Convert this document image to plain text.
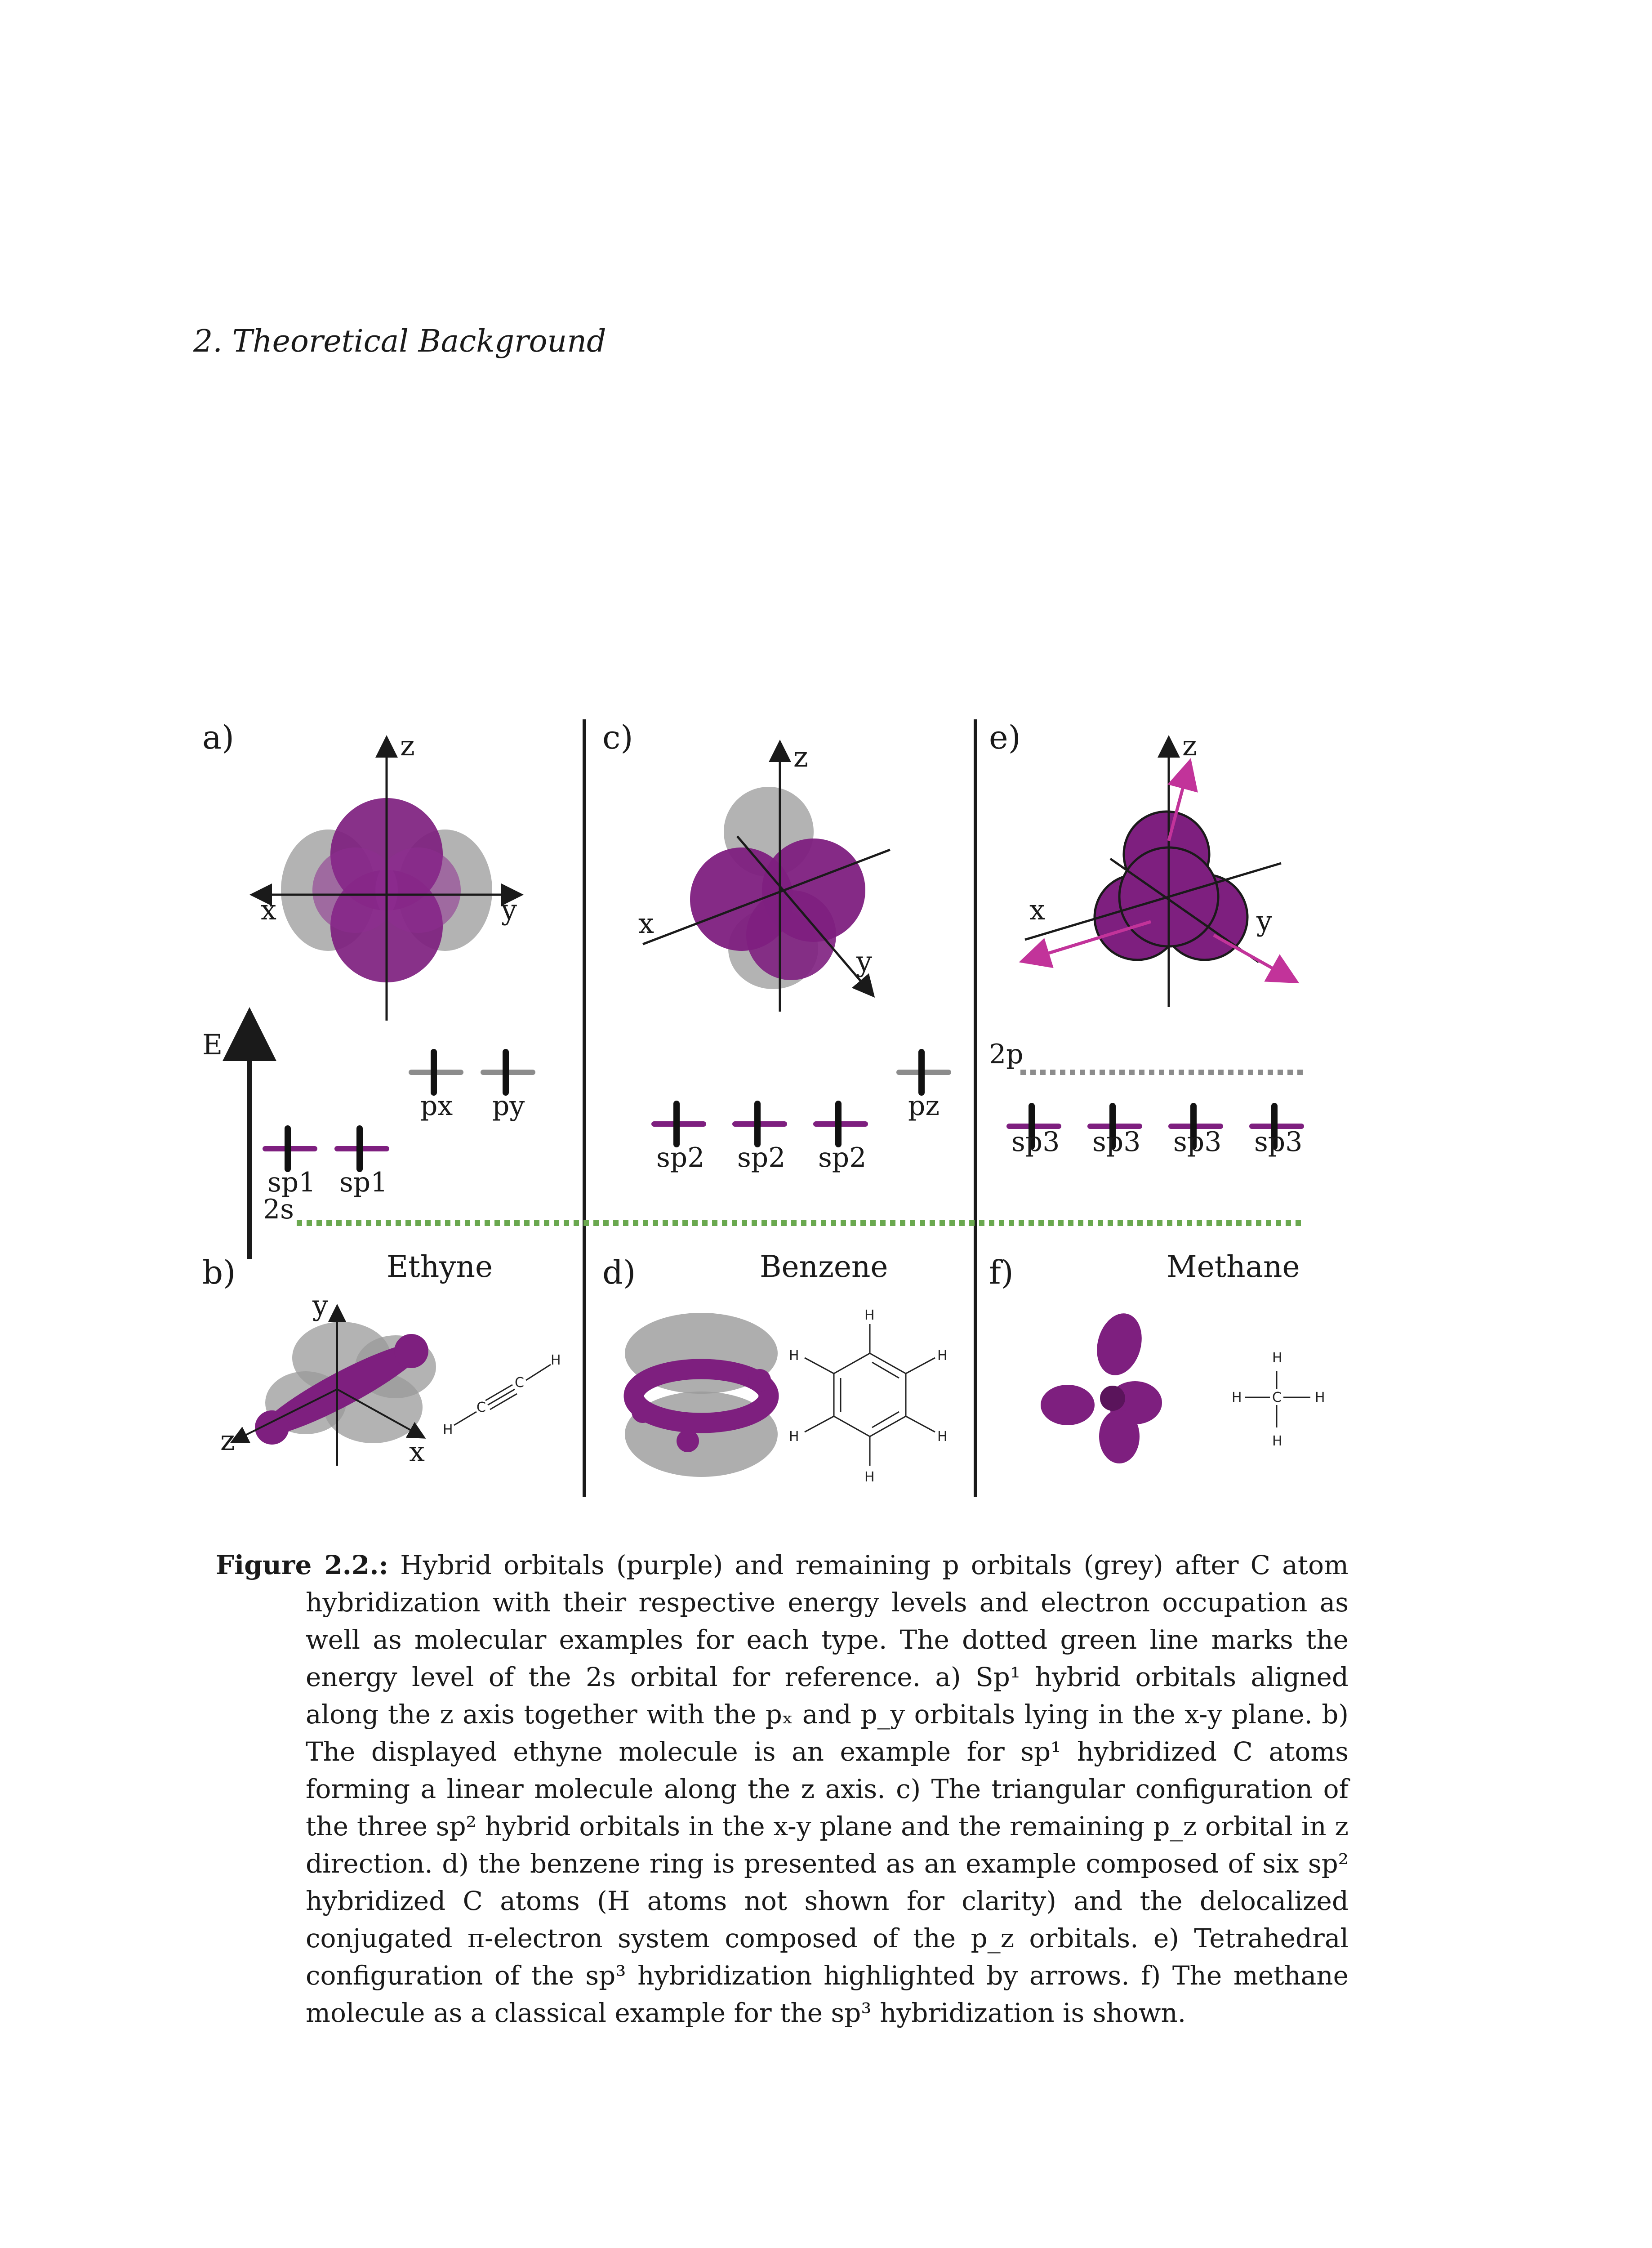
2. Theoretical Background
a)	c)	e)
b)	d)	f)
z
x	y
E
2s
2p
sp1 sp1
px py
z
x
y
sp2 sp2 sp2
pz
z
x	y
sp3 sp3 sp3 sp3
Ethyne
y
z	x
H
C
C
H
Benzene
H
H
H
H
H
H
Methane
H
C
H	H
H

Figure 2.2.: Hybrid orbitals (purple) and remaining p orbitals (grey) after C atom hybridization with their respective energy levels and electron occupation as well as molecular examples for each type. The dotted green line marks the energy level of the 2s orbital for reference. a) Sp¹ hybrid orbitals aligned along the z axis together with the pₓ and p_y orbitals lying in the x-y plane. b) The displayed ethyne molecule is an example for sp¹ hybridized C atoms forming a linear molecule along the z axis. c) The triangular configuration of the three sp² hybrid orbitals in the x-y plane and the remaining p_z orbital in z direction. d) the benzene ring is presented as an example composed of six sp² hybridized C atoms (H atoms not shown for clarity) and the delocalized conjugated π-electron system composed of the p_z orbitals. e) Tetrahedral configuration of the sp³ hybridization highlighted by arrows. f) The methane molecule as a classical example for the sp³ hybridization is shown.
